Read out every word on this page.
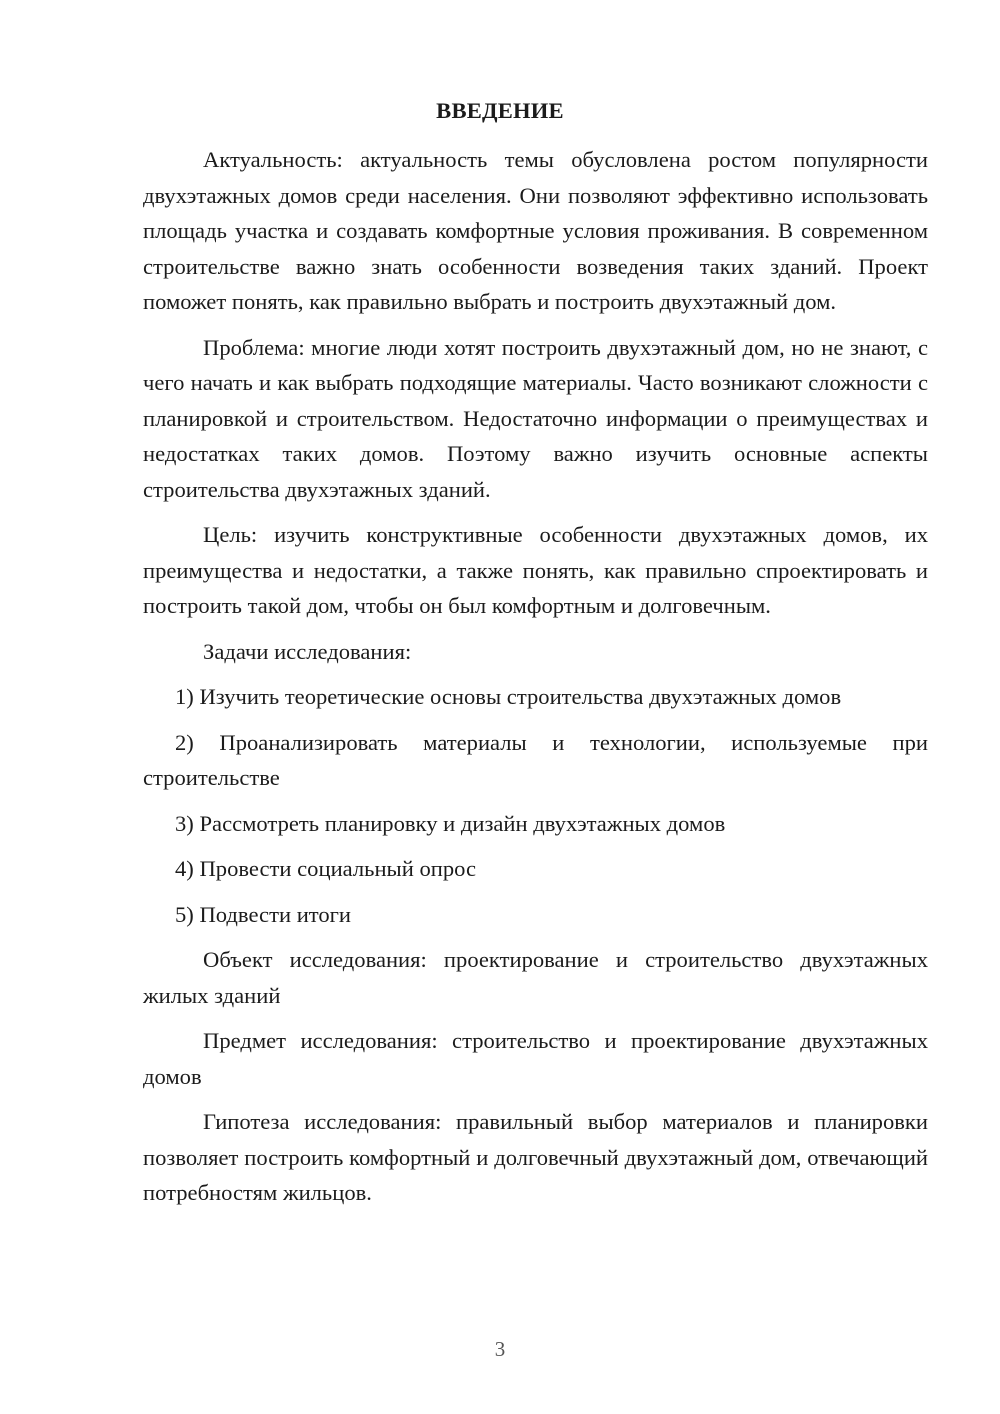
ВВЕДЕНИЕ

Актуальность: актуальность темы обусловлена ростом популярности двухэтажных домов среди населения. Они позволяют эффективно использовать площадь участка и создавать комфортные условия проживания. В современном строительстве важно знать особенности возведения таких зданий. Проект поможет понять, как правильно выбрать и построить двухэтажный дом.

Проблема: многие люди хотят построить двухэтажный дом, но не знают, с чего начать и как выбрать подходящие материалы. Часто возникают сложности с планировкой и строительством. Недостаточно информации о преимуществах и недостатках таких домов. Поэтому важно изучить основные аспекты строительства двухэтажных зданий.

Цель: изучить конструктивные особенности двухэтажных домов, их преимущества и недостатки, а также понять, как правильно спроектировать и построить такой дом, чтобы он был комфортным и долговечным.

Задачи исследования:

1) Изучить теоретические основы строительства двухэтажных домов

2) Проанализировать материалы и технологии, используемые при строительстве

3) Рассмотреть планировку и дизайн двухэтажных домов

4) Провести социальный опрос

5) Подвести итоги

Объект исследования: проектирование и строительство двухэтажных жилых зданий

Предмет исследования: строительство и проектирование двухэтажных домов

Гипотеза исследования: правильный выбор материалов и планировки позволяет построить комфортный и долговечный двухэтажный дом, отвечающий потребностям жильцов.

3
